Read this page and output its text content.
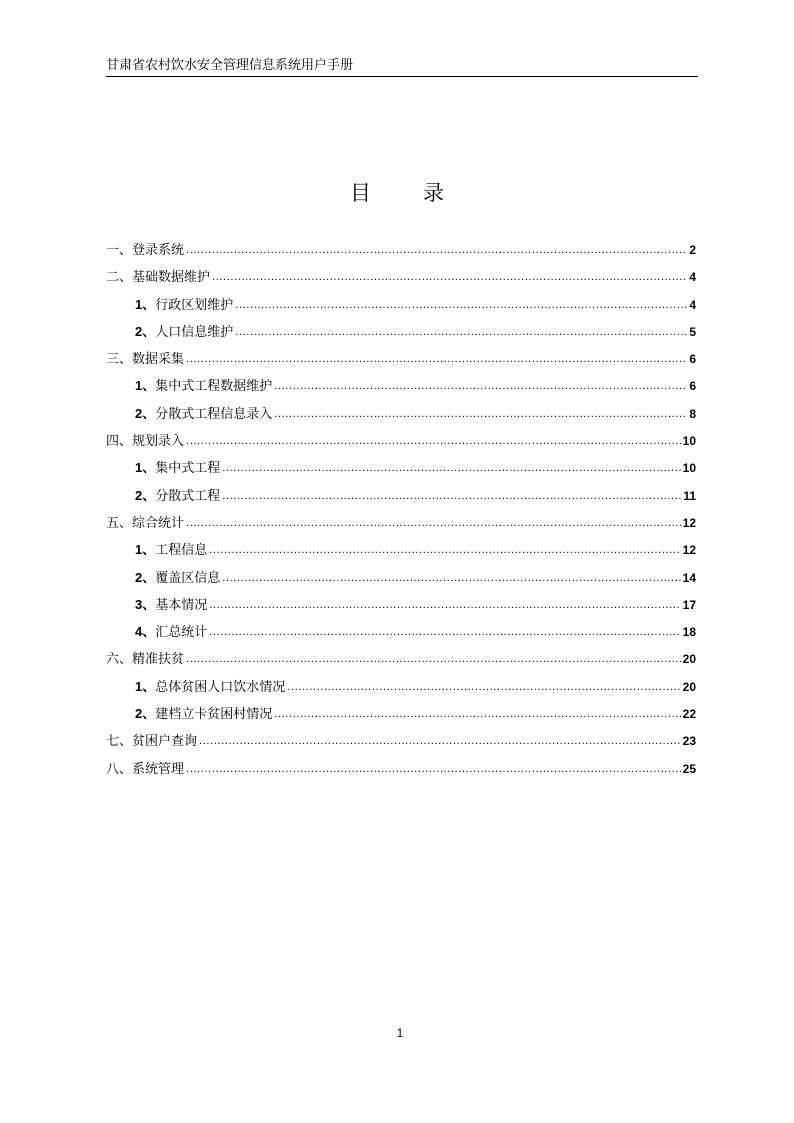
甘肃省农村饮水安全管理信息系统用户手册
目 录
一、登录系统 .....	2
二、基础数据维护 .....	4
1、 行政区划维护 .....	4
2、 人口信息维护 .....	5
三、数据采集 .....	6
1、 集中式工程数据维护 .....	6
2、 分散式工程信息录入 .....	8
四、规划录入 .....	10
1、 集中式工程 .....	10
2、 分散式工程 .....	11
五、综合统计 .....	12
1、 工程信息 .....	12
2、 覆盖区信息 .....	14
3、 基本情况 .....	17
4、 汇总统计 .....	18
六、精准扶贫 .....	20
1、 总体贫困人口饮水情况 .....	20
2、 建档立卡贫困村情况 .....	22
七、贫困户查询 .....	23
八、系统管理 .....	25
1
